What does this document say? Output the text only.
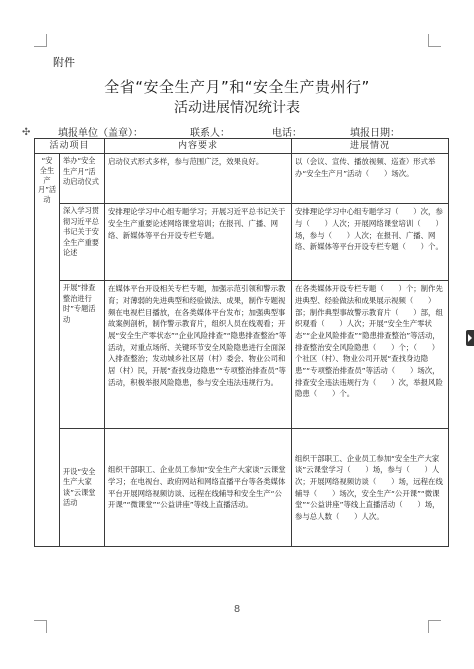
附件
全省“安全生产月”和“安全生产贵州行”
活动进展情况统计表
✣	填报单位（盖章）：	联系人：	电话：	填报日期：
活动项目		内容要求	进展情况
“安全生产月”活动	举办“安全生产月”活动启动仪式	启动仪式形式多样，参与范围广泛，效果良好。	以（会议、宣传、播放视频、巡查）形式举办“安全生产月”活动（　　）场次。
	深入学习贯彻习近平总书记关于安全生产重要论述	安排理论学习中心组专题学习；开展习近平总书记关于安全生产重要论述网络课堂培训；在报刊、广播、网络、新媒体等平台开设专栏专题。	安排理论学习中心组专题学习（　　）次，参与（　　）人次；开展网络课堂培训（　　）场，参与（　　）人次；在报刊、广播、网络、新媒体等平台开设专栏专题（　　）个。
	开展“排查整治进行时”专题活动	在媒体平台开设相关专栏专题，加强示范引领和警示教育；对薄弱的先进典型和经验做法、成果，制作专题视频在电视栏目播放，在各类媒体平台发布；加强典型事故案例剖析，制作警示教育片，组织人员在线观看；开展“安全生产零状态”“企业风险排查”“隐患排查整治”等活动，对重点场所、关键环节安全风险隐患进行全面深入排查整治；发动城乡社区居（村）委会、物业公司和居（村）民，开展“查找身边隐患”“专项整治排查员”等活动，积极举报风险隐患，参与安全违法违规行为。	在各类媒体开设专栏专题（　　）个；制作先进典型、经验做法和成果展示视频（　　）部；制作典型事故警示教育片（　　）部，组织观看（　　）人次；开展“安全生产零状态”“企业风险排查”“隐患排查整治”等活动，排查整治安全风险隐患（　　）个；（　　）个社区（村）、物业公司开展“查找身边隐患”“专项整治排查员”等活动（　　）场次，排查安全违法违规行为（　　）次，举报风险隐患（　　）个。
	开设“安全生产大家谈”云课堂活动	组织干部职工、企业员工参加“安全生产大家谈”云课堂学习；在电视台、政府网站和网络直播平台等各类媒体平台开展网络视频访谈、远程在线辅导和安全生产“公开课”“微课堂”“公益讲座”等线上直播活动。	组织干部职工、企业员工参加“安全生产大家谈”云课堂学习（　　）场，参与（　　）人次；开展网络视频访谈（　　）场，远程在线辅导（　　）场次，安全生产“公开课”“微课堂”“公益讲座”等线上直播活动（　　）场，参与总人数（　　）人次。
8
